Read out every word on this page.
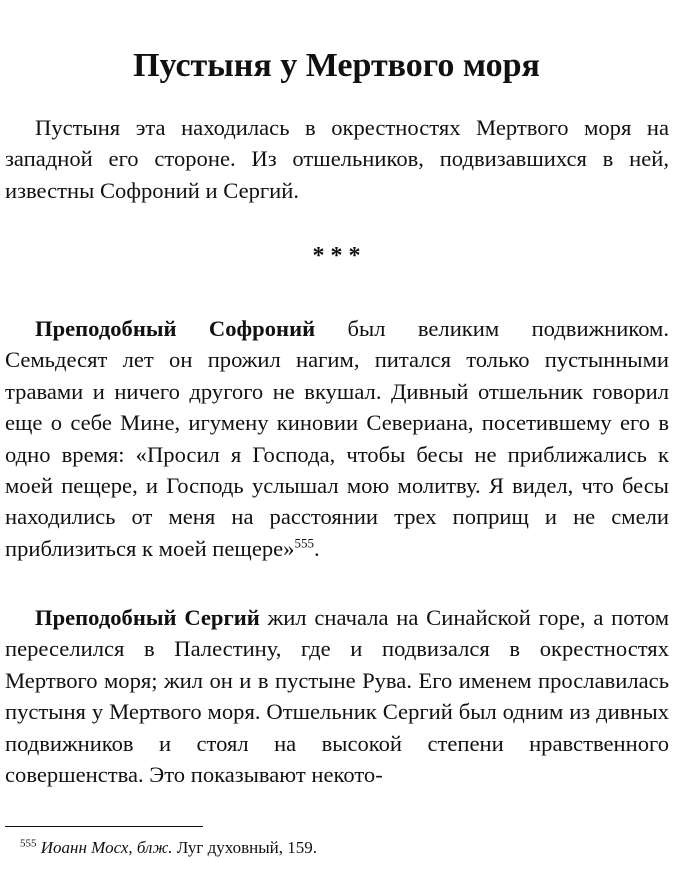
Пустыня у Мертвого моря

Пустыня эта находилась в окрестностях Мертвого моря на западной его стороне. Из отшельников, подвизавшихся в ней, известны Софроний и Сергий.

* * *

Преподобный Софроний был великим подвижником. Семьдесят лет он прожил нагим, питался только пустынными травами и ничего другого не вкушал. Дивный отшельник говорил еще о себе Мине, игумену киновии Севериана, посетившему его в одно время: «Просил я Господа, чтобы бесы не приближались к моей пещере, и Господь услышал мою молитву. Я видел, что бесы находились от меня на расстоянии трех поприщ и не смели приблизиться к моей пещере»$^{555}$.

Преподобный Сергий жил сначала на Синайской горе, а потом переселился в Палестину, где и подвизался в окрестностях Мертвого моря; жил он и в пустыне Рува. Его именем прославилась пустыня у Мертвого моря. Отшельник Сергий был одним из дивных подвижников и стоял на высокой степени нравственного совершенства. Это показывают некото-

$^{555}$ Иоанн Мосх, блж. Луг духовный, 159.
